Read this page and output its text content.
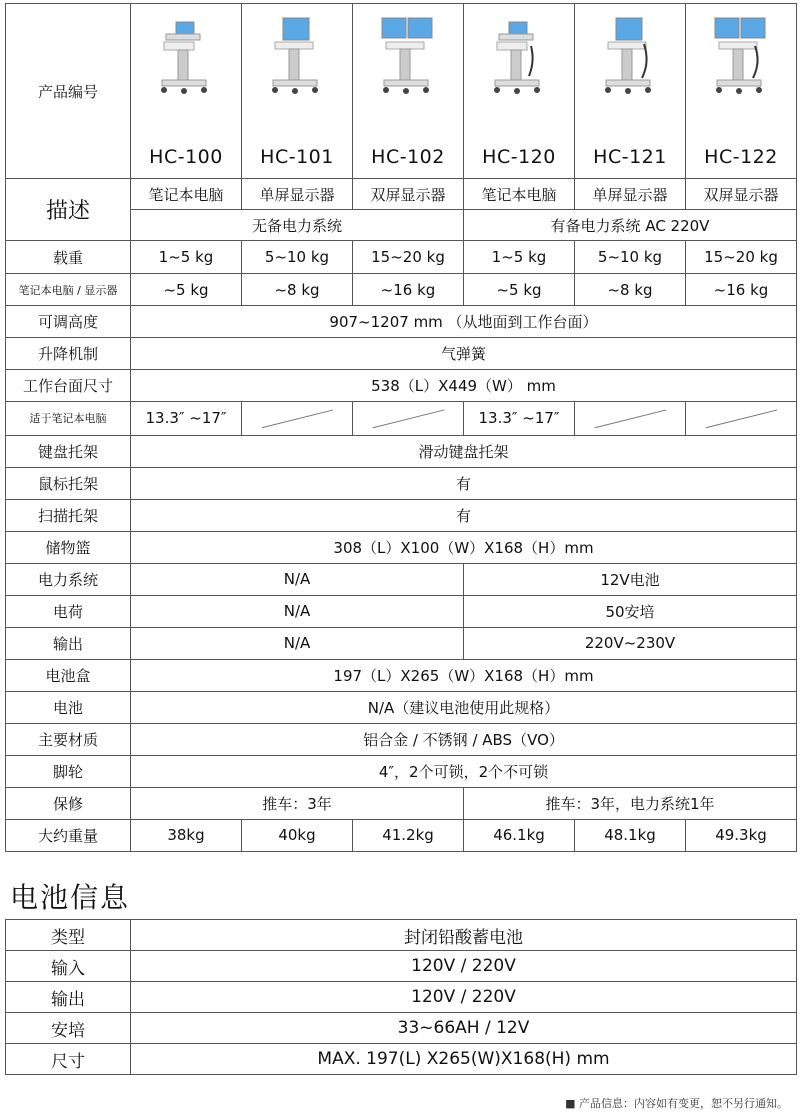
产品编号	HC-100	HC-101	HC-102	HC-120	HC-121	HC-122

描述	笔记本电脑	单屏显示器	双屏显示器	笔记本电脑	单屏显示器	双屏显示器
	无备电力系统			有备电力系统 AC 220V		
载重	1~5 kg	5~10 kg	15~20 kg	1~5 kg	5~10 kg	15~20 kg
笔记本电脑 / 显示器	~5 kg	~8 kg	~16 kg	~5 kg	~8 kg	~16 kg
可调高度	907~1207 mm （从地面到工作台面）					
升降机制	气弹簧					
工作台面尺寸	538（L）X449（W） mm					
适于笔记本电脑	13.3″ ~17″			13.3″ ~17″	

键盘托架	滑动键盘托架					
鼠标托架	有					
扫描托架	有					
储物篮	308（L）X100（W）X168（H）mm					
电力系统	N/A			12V电池		
电荷	N/A			50安培		
输出	N/A			220V~230V		
电池盒	197（L）X265（W）X168（H）mm					
电池	N/A（建议电池使用此规格）					
主要材质	铝合金 / 不锈钢 / ABS（VO）					
脚轮	4″，2个可锁，2个不可锁					
保修	推车：3年			推车：3年，电力系统1年		
大约重量	38kg	40kg	41.2kg	46.1kg	48.1kg	49.3kg
电池信息
类型	封闭铅酸蓄电池
输入	120V / 220V
输出	120V / 220V
安培	33~66AH / 12V
尺寸	MAX. 197(L) X265(W)X168(H) mm
■ 产品信息：内容如有变更，恕不另行通知。
